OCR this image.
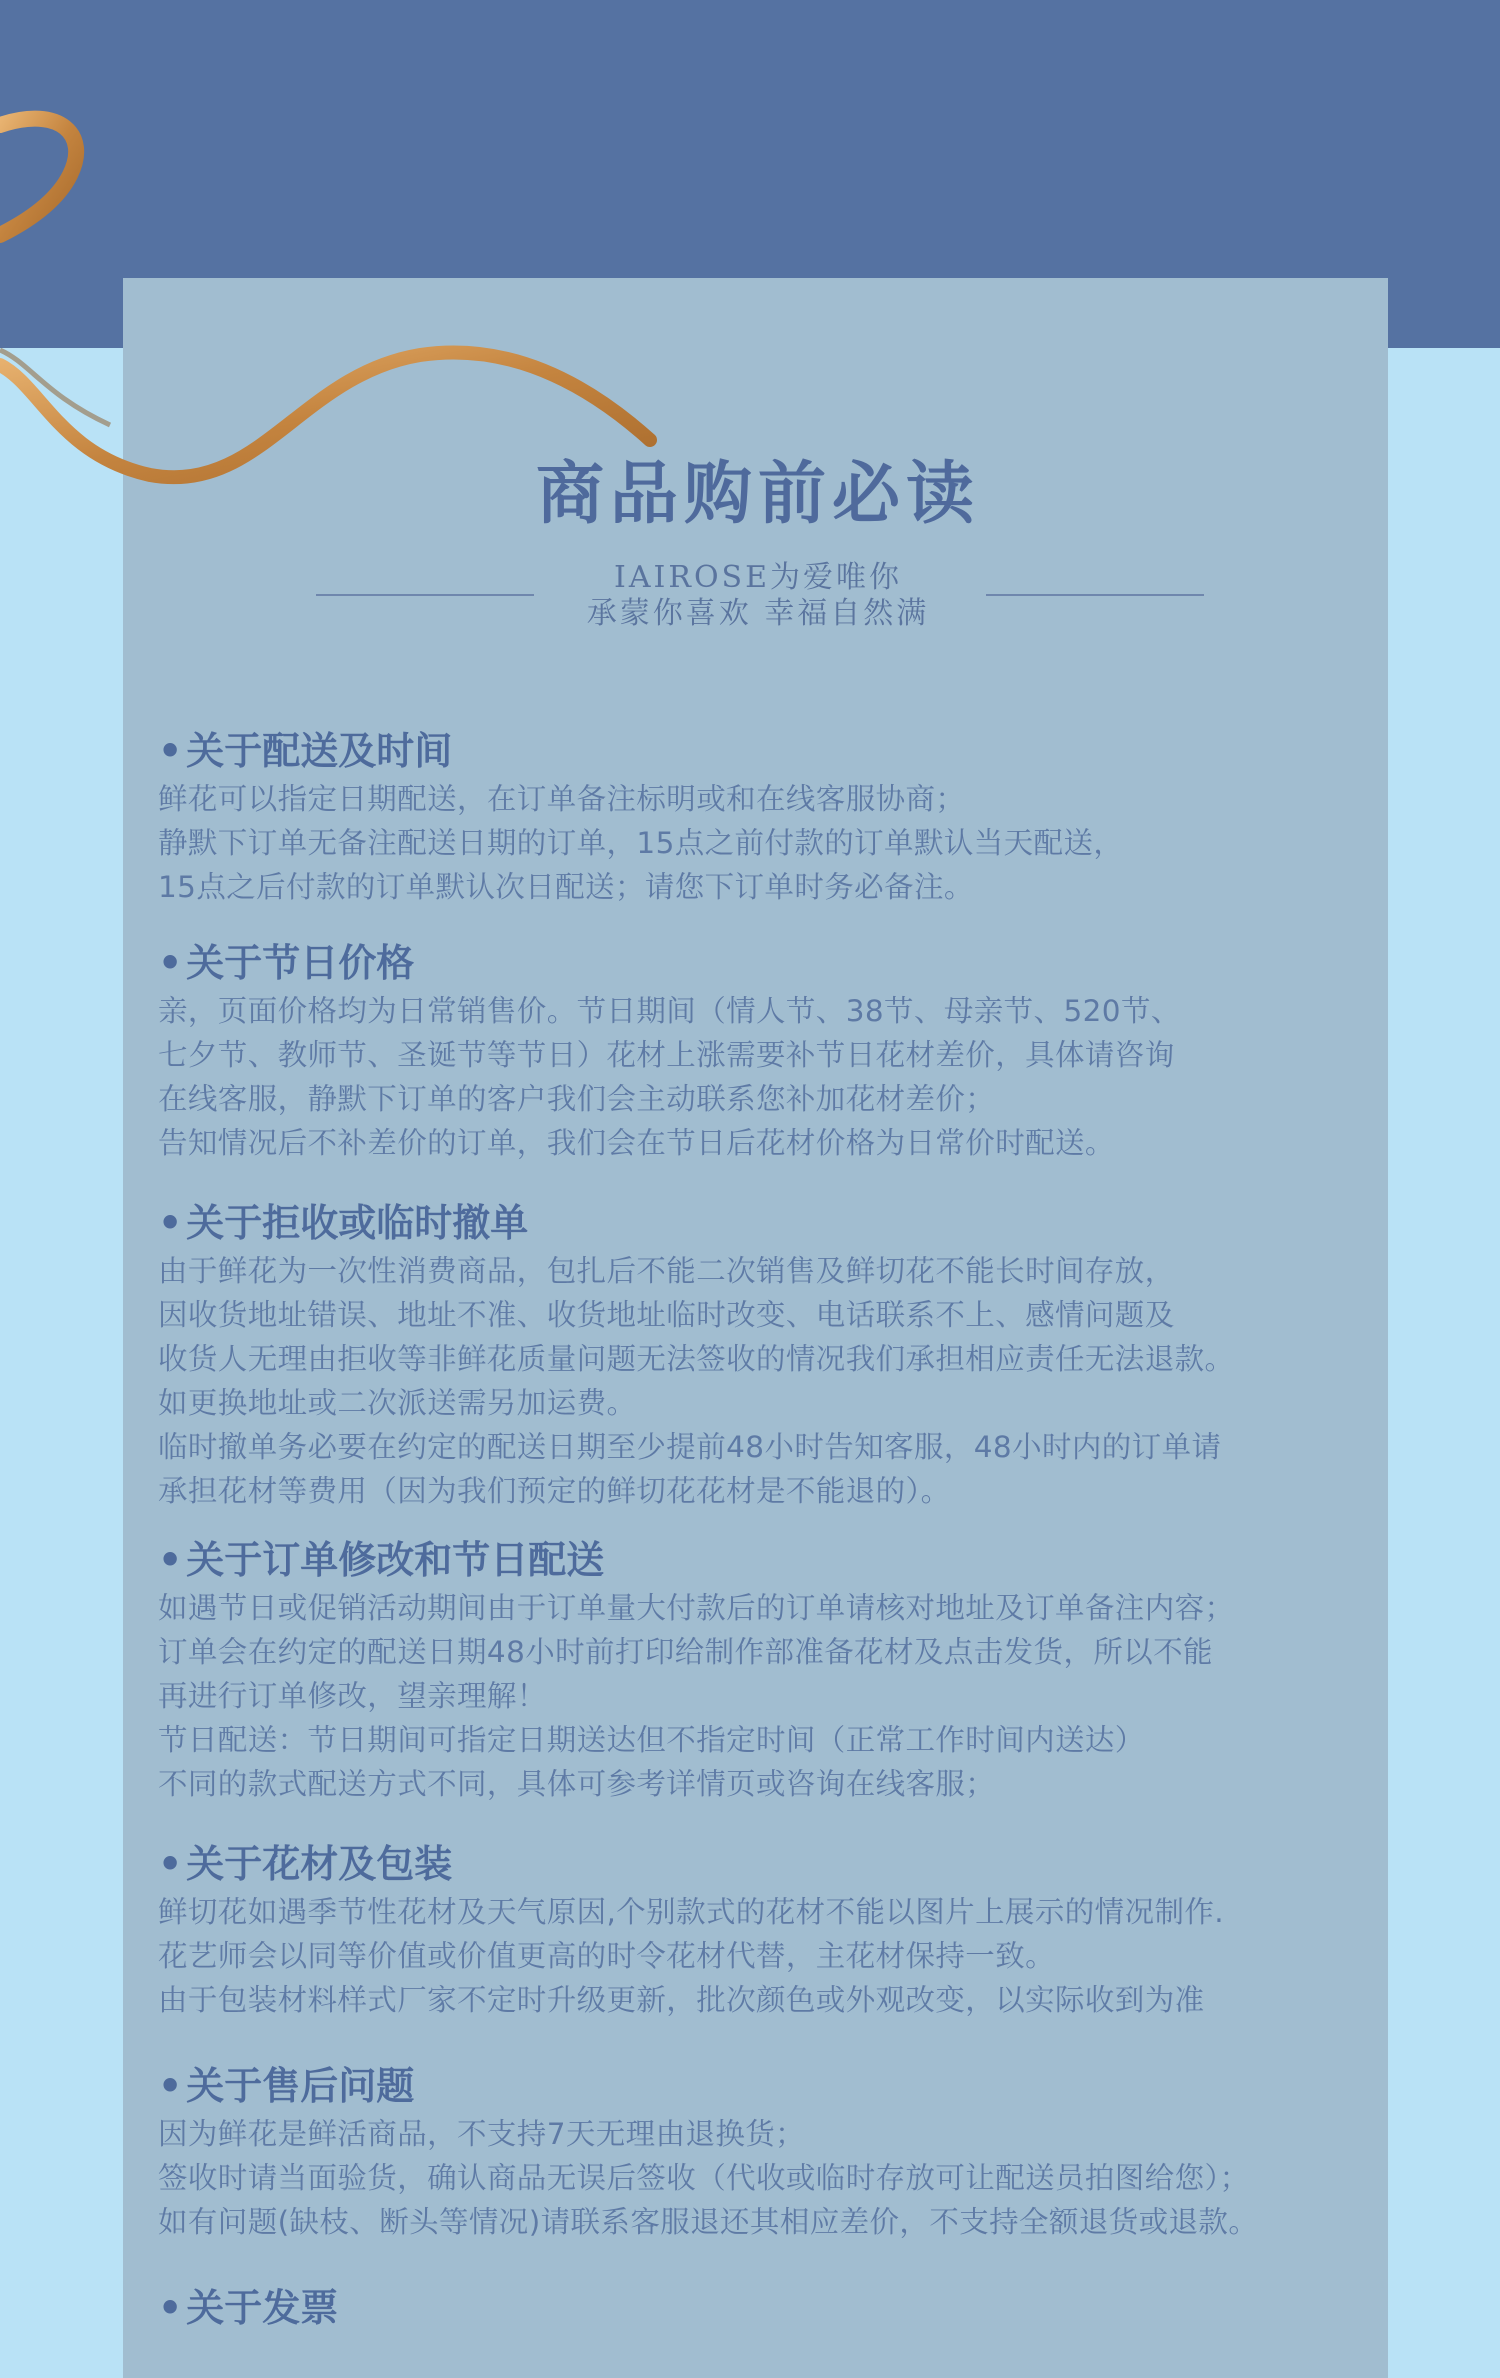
商品购前必读
IAIROSE为爱唯你
承蒙你喜欢 幸福自然满
• 关于配送及时间
鲜花可以指定日期配送，在订单备注标明或和在线客服协商；
静默下订单无备注配送日期的订单，15点之前付款的订单默认当天配送，
15点之后付款的订单默认次日配送；请您下订单时务必备注。
• 关于节日价格
亲，页面价格均为日常销售价。节日期间（情人节、38节、母亲节、520节、
七夕节、教师节、圣诞节等节日）花材上涨需要补节日花材差价，具体请咨询
在线客服，静默下订单的客户我们会主动联系您补加花材差价；
告知情况后不补差价的订单，我们会在节日后花材价格为日常价时配送。
• 关于拒收或临时撤单
由于鲜花为一次性消费商品，包扎后不能二次销售及鲜切花不能长时间存放，
因收货地址错误、地址不准、收货地址临时改变、电话联系不上、感情问题及
收货人无理由拒收等非鲜花质量问题无法签收的情况我们承担相应责任无法退款。
如更换地址或二次派送需另加运费。
临时撤单务必要在约定的配送日期至少提前48小时告知客服，48小时内的订单请
承担花材等费用（因为我们预定的鲜切花花材是不能退的）。
• 关于订单修改和节日配送
如遇节日或促销活动期间由于订单量大付款后的订单请核对地址及订单备注内容；
订单会在约定的配送日期48小时前打印给制作部准备花材及点击发货，所以不能
再进行订单修改，望亲理解！
节日配送：节日期间可指定日期送达但不指定时间（正常工作时间内送达）
不同的款式配送方式不同，具体可参考详情页或咨询在线客服；
• 关于花材及包装
鲜切花如遇季节性花材及天气原因,个别款式的花材不能以图片上展示的情况制作.
花艺师会以同等价值或价值更高的时令花材代替，主花材保持一致。
由于包装材料样式厂家不定时升级更新，批次颜色或外观改变，以实际收到为准
• 关于售后问题
因为鲜花是鲜活商品，不支持7天无理由退换货；
签收时请当面验货，确认商品无误后签收（代收或临时存放可让配送员拍图给您）；
如有问题(缺枝、断头等情况)请联系客服退还其相应差价，不支持全额退货或退款。
• 关于发票
